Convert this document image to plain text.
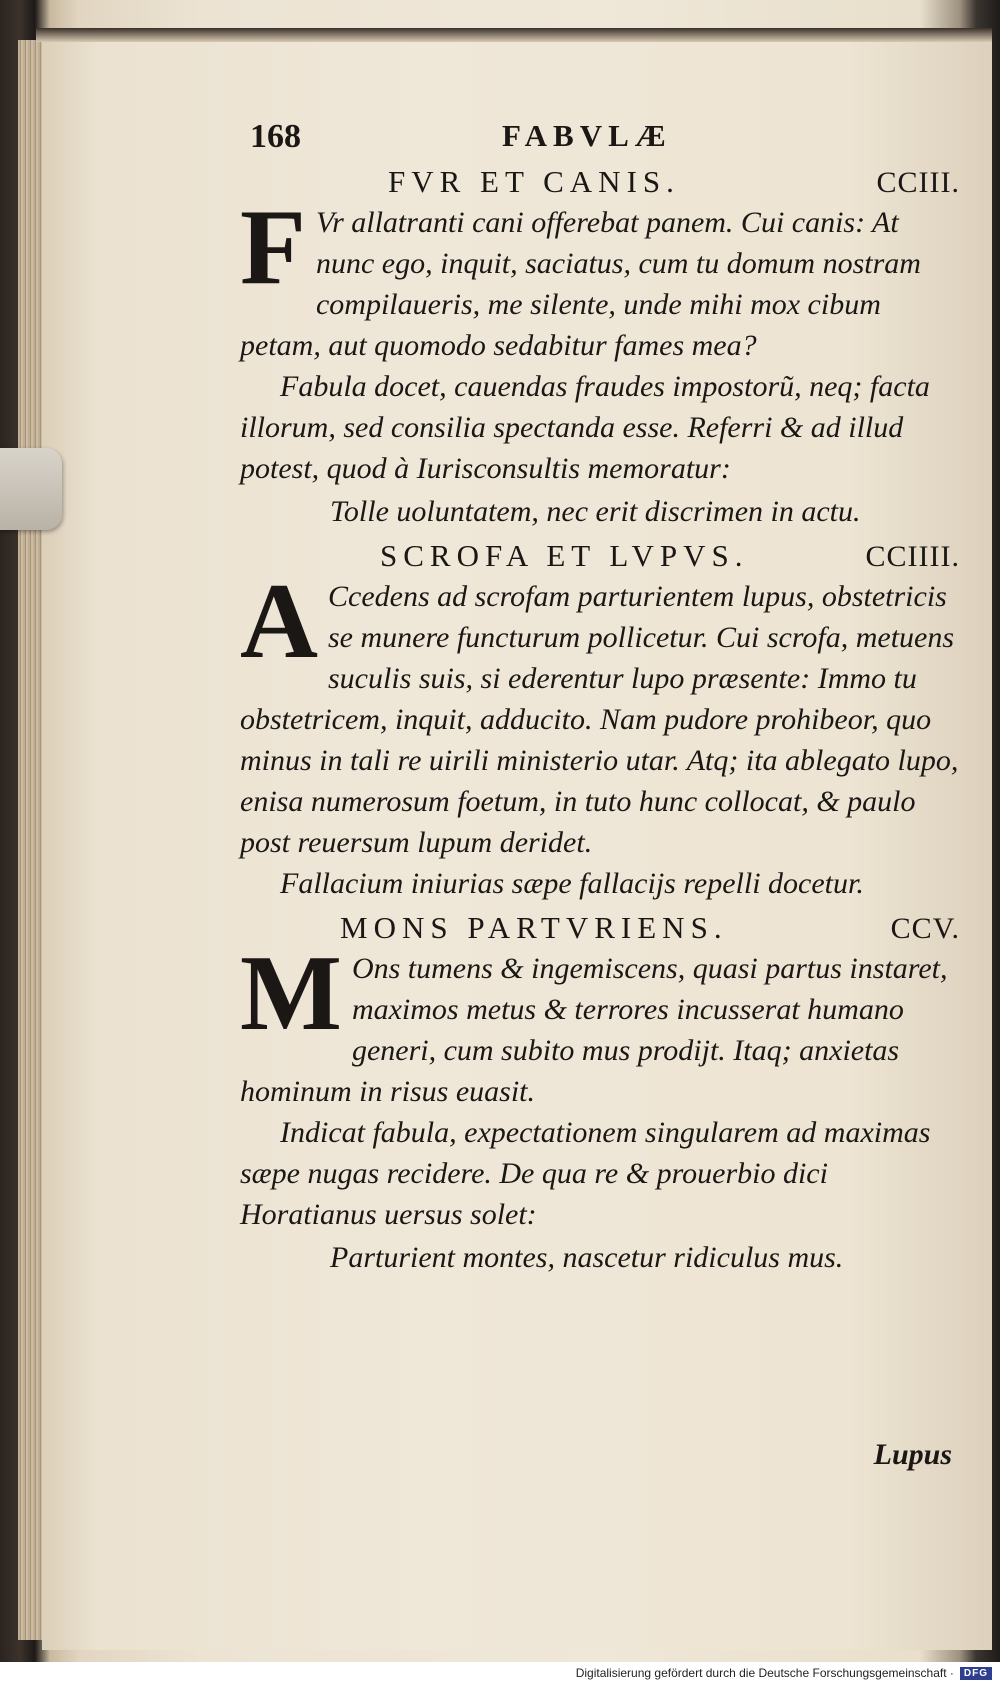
168	FABVLÆ
FVR ET CANIS.	CCIII.

F Vr allatranti cani offerebat panem. Cui canis: At nunc ego, inquit, saciatus, cum tu domum nostram compilaueris, me silente, unde mihi mox cibum petam, aut quomodo sedabitur fames mea?

Fabula docet, cauendas fraudes impostorũ, neq; facta illorum, sed consilia spectanda esse. Referri & ad illud potest, quod à Iurisconsultis memoratur:

Tolle uoluntatem, nec erit discrimen in actu.

SCROFA ET LVPVS.	CCIIII.

A Ccedens ad scrofam parturientem lupus, obstetricis se munere functurum pollicetur. Cui scrofa, metuens suculis suis, si ederentur lupo præsente: Immo tu obstetricem, inquit, adducito. Nam pudore prohibeor, quo minus in tali re uirili ministerio utar. Atq; ita ablegato lupo, enisa numerosum foetum, in tuto hunc collocat, & paulo post reuersum lupum deridet.

Fallacium iniurias sæpe fallacijs repelli docetur.

MONS PARTVRIENS.	CCV.

M Ons tumens & ingemiscens, quasi partus instaret, maximos metus & terrores incusserat humano generi, cum subito mus prodijt. Itaq; anxietas hominum in risus euasit.

Indicat fabula, expectationem singularem ad maximas sæpe nugas recidere. De qua re & prouerbio dici Horatianus uersus solet:

Parturient montes, nascetur ridiculus mus.

Lupus
Digitalisierung gefördert durch die Deutsche Forschungsgemeinschaft ·	DFG
